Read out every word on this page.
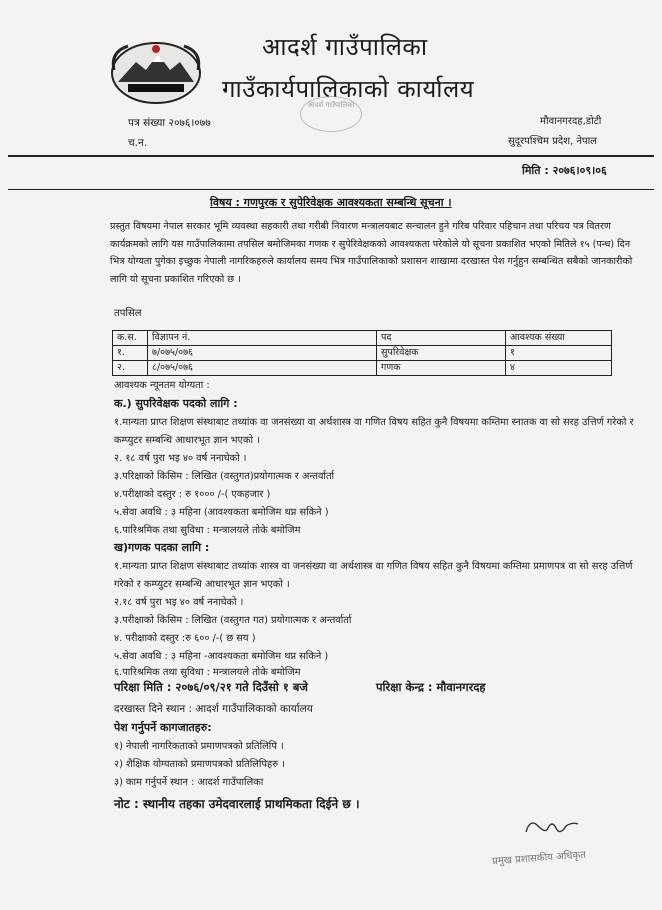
आदर्श गाउँपालिका
गाउँकार्यपालिकाको कार्यालय
आदर्श गाउँपालिका
पत्र संख्या २०७६।०७७
च.न.
मौवानगरदह,डोटी
सुदूरपश्चिम प्रदेश, नेपाल
मिति : २०७६।०९।०६
विषय : गणपुरक र सुपेरिवेक्षक आवश्यकता सम्बन्धि सूचना ।
प्रस्तुत विषयमा नेपाल सरकार भूमि व्यवस्था सहकारी तथा गरीबी निवारण मन्त्रालयबाट सन्चालन हुने गरिब परिवार पहिचान तथा परिचय पत्र वितरण कार्यक्रमको लागि यस गाउँपालिकामा तपसिल बमोजिमका गणक र सुपेरिवेक्षकको आवश्यकता परेकोले यो सूचना प्रकाशित भएको मितिले १५ (पन्ध) दिन भित्र योग्यता पुगेका इच्छुक नेपाली नागरिकहरुले कार्यालय समय भित्र गाउँपालिकाको प्रशासन शाखामा दरखास्त पेश गर्नुहुन सम्बन्धित सबैको जानकारीको लागि यो सूचना प्रकाशित गरिएको छ ।
तपसिल
क.स.	विज्ञापन नं.	पद	आवश्यक संख्या
१.	७/०७५/०७६	सुपरिवेक्षक	१
२.	८/०७५/०७६	गणक	४
आवश्यक न्यूनतम योग्यता :
क.) सुपरिवेक्षक पदको लागि :
१.मान्यता प्राप्त शिक्षण संस्थाबाट तथ्यांक वा जनसंख्या वा अर्थशास्त्र वा गणित विषय सहित कुनै विषयमा कम्तिमा स्नातक वा सो सरह उत्तिर्ण गरेको र कम्प्युटर सम्बन्धि आधारभूत ज्ञान भएको ।
२. १८ वर्ष पुरा भइ ४० वर्ष ननाघेको ।
३.परिक्षाको किसिम : लिखित (वस्तुगत)प्रयोगात्मक र अन्तर्वार्ता
४.परीक्षाको दस्तुर : रु १००० /-( एकहजार )
५.सेवा अवधि : ३ महिना (आवश्यकता बमोजिम थप्न सकिने )
६.पारिश्रमिक तथा सुविधा : मन्त्रालयले तोके बमोजिम
ख)गणक पदका लागि :
१.मान्यता प्राप्त शिक्षण संस्थाबाट तथ्यांक शास्त्र वा जनसंख्या वा अर्थशास्त्र वा गणित विषय सहित कुनै विषयमा कम्तिमा प्रमाणपत्र वा सो सरह उत्तिर्ण गरेको र कम्प्युटर सम्बन्धि आधारभूत ज्ञान भएको ।
२.१८ वर्ष पुरा भइ ४० वर्ष ननाघेको ।
३.परीक्षाको किसिम : लिखित (वस्तुगत गत) प्रयोगात्मक र अन्तर्वार्ता
४. परीक्षाको दस्तुर :रु ६०० /-( छ सय )
५.सेवा अवधि : ३ महिना -आवश्यकता बमोजिम थप्न सकिने )
६.पारिश्रमिक तथा सुविधा : मन्त्रालयले तोके बमोजिम
परिक्षा मिति : २०७६/०९/२१ गते दिउँसो १ बजे	परिक्षा केन्द्र : मौवानगरदह
दरखास्त दिने स्थान : आदर्श गाउँपालिकाको कार्यालय
पेश गर्नुपर्ने कागजातहरु:
१) नेपाली नागरिकताको प्रमाणपत्रको प्रतिलिपि ।
२) शैक्षिक योग्यताको प्रमाणपत्रको प्रतिलिपिहरु ।
३) काम गर्नुपर्ने स्थान : आदर्श गाउँपालिका
नोट : स्थानीय तहका उमेदवारलाई प्राथमिकता दिईने छ ।
प्रमुख प्रशासकीय अधिकृत
